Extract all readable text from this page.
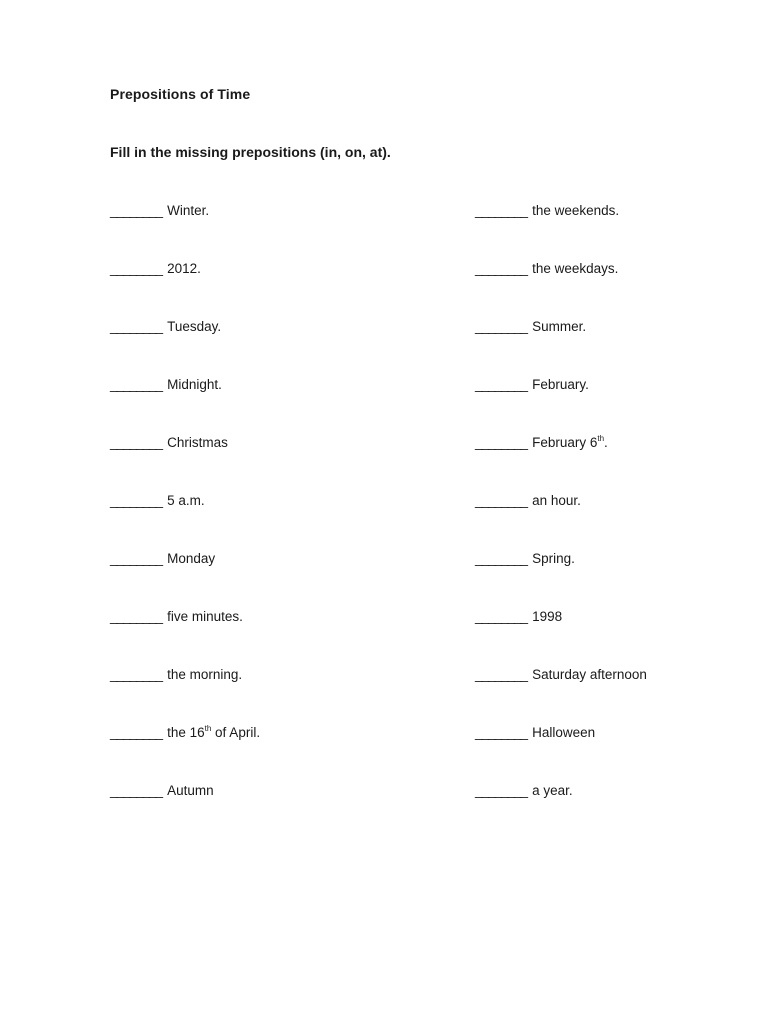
Prepositions of Time
Fill in the missing prepositions (in, on, at).
________ Winter.
________ 2012.
________ Tuesday.
________ Midnight.
________ Christmas
________ 5 a.m.
________ Monday
________ five minutes.
________ the morning.
________ the 16th of April.
________ Autumn
________ the weekends.
________ the weekdays.
________ Summer.
________ February.
________ February 6th.
________ an hour.
________ Spring.
________ 1998
________ Saturday afternoon
________ Halloween
________ a year.
